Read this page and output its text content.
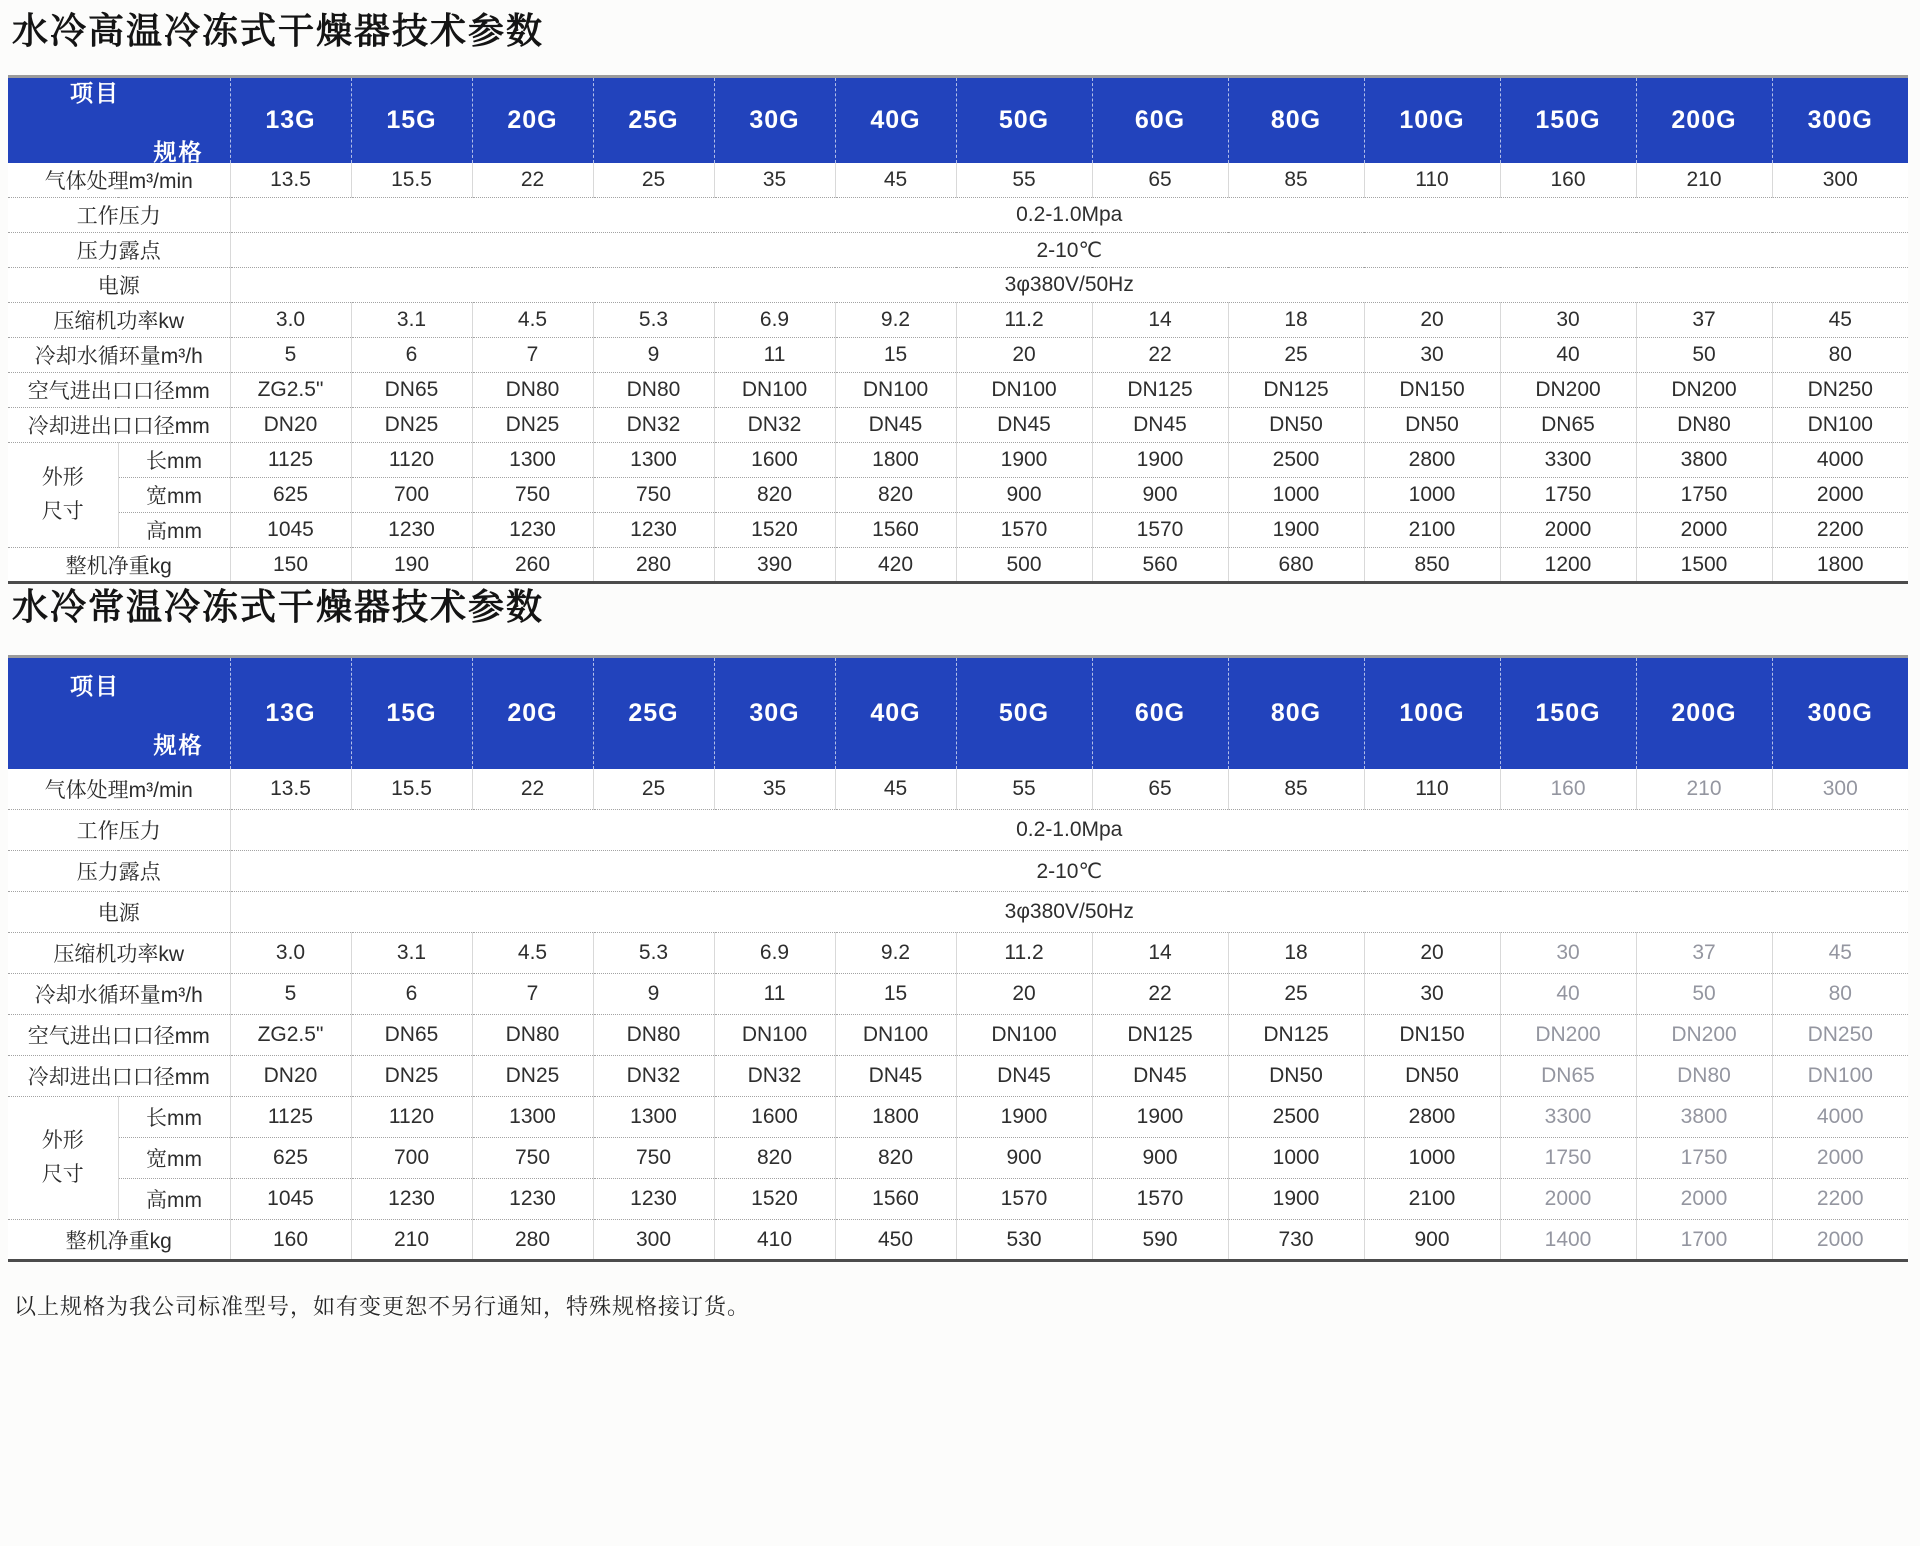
水冷高温冷冻式干燥器技术参数
规格
项目		13G	15G	20G	25G	30G	40G	50G	60G	80G	100G	150G	200G	300G
气体处理m³/min		13.5	15.5	22	25	35	45	55	65	85	110	160	210	300
工作压力		0.2-1.0Mpa												
压力露点		2-10℃												
电源		3φ380V/50Hz												
压缩机功率kw		3.0	3.1	4.5	5.3	6.9	9.2	11.2	14	18	20	30	37	45
冷却水循环量m³/h		5	6	7	9	11	15	20	22	25	30	40	50	80
空气进出口口径mm		ZG2.5"	DN65	DN80	DN80	DN100	DN100	DN100	DN125	DN125	DN150	DN200	DN200	DN250
冷却进出口口径mm		DN20	DN25	DN25	DN32	DN32	DN45	DN45	DN45	DN50	DN50	DN65	DN80	DN100
外形尺寸	长mm	1125	1120	1300	1300	1600	1800	1900	1900	2500	2800	3300	3800	4000
	宽mm	625	700	750	750	820	820	900	900	1000	1000	1750	1750	2000
	高mm	1045	1230	1230	1230	1520	1560	1570	1570	1900	2100	2000	2000	2200
整机净重kg		150	190	260	280	390	420	500	560	680	850	1200	1500	1800
水冷常温冷冻式干燥器技术参数
规格
项目		13G	15G	20G	25G	30G	40G	50G	60G	80G	100G	150G	200G	300G
气体处理m³/min		13.5	15.5	22	25	35	45	55	65	85	110	160	210	300
工作压力		0.2-1.0Mpa												
压力露点		2-10℃												
电源		3φ380V/50Hz												
压缩机功率kw		3.0	3.1	4.5	5.3	6.9	9.2	11.2	14	18	20	30	37	45
冷却水循环量m³/h		5	6	7	9	11	15	20	22	25	30	40	50	80
空气进出口口径mm		ZG2.5"	DN65	DN80	DN80	DN100	DN100	DN100	DN125	DN125	DN150	DN200	DN200	DN250
冷却进出口口径mm		DN20	DN25	DN25	DN32	DN32	DN45	DN45	DN45	DN50	DN50	DN65	DN80	DN100
外形尺寸	长mm	1125	1120	1300	1300	1600	1800	1900	1900	2500	2800	3300	3800	4000
	宽mm	625	700	750	750	820	820	900	900	1000	1000	1750	1750	2000
	高mm	1045	1230	1230	1230	1520	1560	1570	1570	1900	2100	2000	2000	2200
整机净重kg		160	210	280	300	410	450	530	590	730	900	1400	1700	2000
以上规格为我公司标准型号，如有变更恕不另行通知，特殊规格接订货。
